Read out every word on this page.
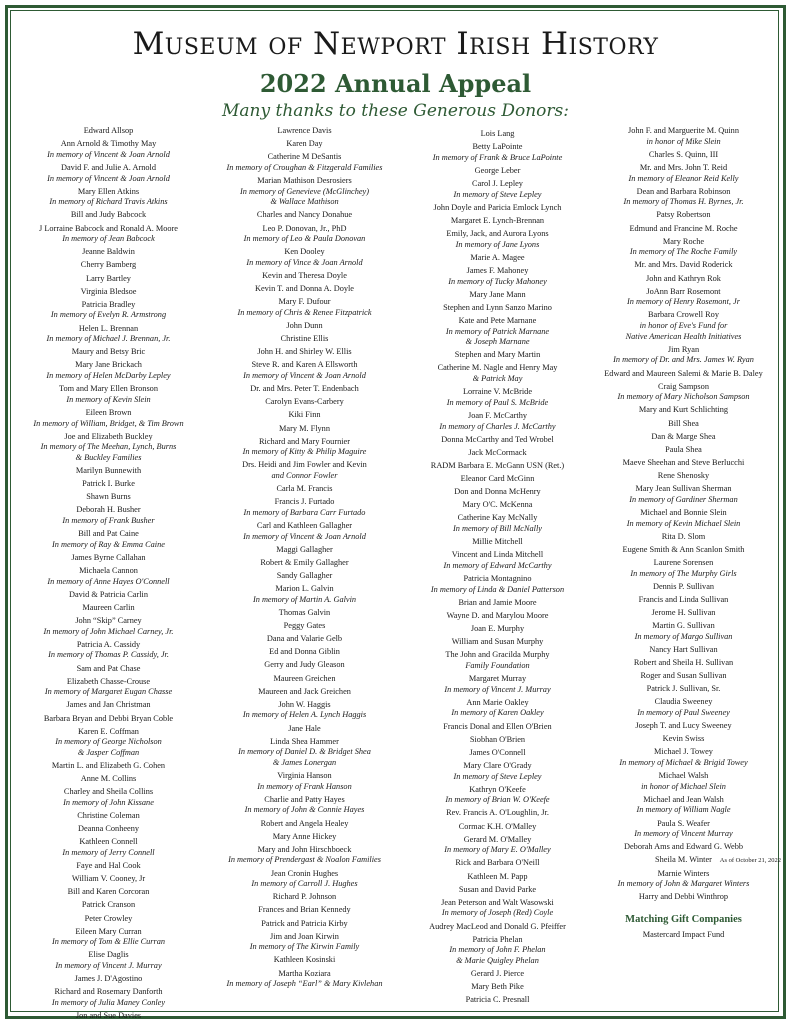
Museum of Newport Irish History
2022 Annual Appeal
Many thanks to these Generous Donors:
Edward Allsop
Ann Arnold & Timothy May
In memory of Vincent & Joan Arnold
David F. and Julie A. Arnold
In memory of Vincent & Joan Arnold
Mary Ellen Atkins
In memory of Richard Travis Atkins
Bill and Judy Babcock
J Lorraine Babcock and Ronald A. Moore
In memory of Jean Babcock
Jeanne Baldwin
Cherry Bamberg
Larry Bartley
Virginia Bledsoe
Patricia Bradley
In memory of Evelyn R. Armstrong
Helen L. Brennan
In memory of Michael J. Brennan, Jr.
Maury and Betsy Bric
Mary Jane Brickach
In memory of Helen McDarby Lepley
Tom and Mary Ellen Bronson
In memory of Kevin Slein
Eileen Brown
In memory of William, Bridget, & Tim Brown
Joe and Elizabeth Buckley
In memory of The Meehan, Lynch, Burns
& Buckley Families
Marilyn Bunnewith
Patrick I. Burke
Shawn Burns
Deborah H. Busher
In memory of Frank Busher
Bill and Pat Caine
In memory of Ray & Emma Caine
James Byrne Callahan
Michaela Cannon
In memory of Anne Hayes O'Connell
David & Patricia Carlin
Maureen Carlin
John “Skip” Carney
In memory of John Michael Carney, Jr.
Patricia A. Cassidy
In memory of Thomas P. Cassidy, Jr.
Sam and Pat Chase
Elizabeth Chasse-Crouse
In memory of Margaret Eugan Chasse
James and Jan Christman
Barbara Bryan and Debbi Bryan Coble
Karen E. Coffman
In memory of George Nicholson
& Jasper Coffman
Martin L. and Elizabeth G. Cohen
Anne M. Collins
Charley and Sheila Collins
In memory of John Kissane
Christine Coleman
Deanna Conheeny
Kathleen Connell
In memory of Jerry Connell
Faye and Hal Cook
William V. Cooney, Jr
Bill and Karen Corcoran
Patrick Cranson
Peter Crowley
Eileen Mary Curran
In memory of Tom & Ellie Curran
Elise Daglis
In memory of Vincent J. Murray
James J. D'Agostino
Richard and Rosemary Danforth
In memory of Julia Maney Conley
Jon and Sue Davies
Lawrence Davis
Karen Day
Catherine M DeSantis
In memory of Croughan & Fitzgerald Families
Marian Mathison Desrosiers
In memory of Genevieve (McGlinchey)
& Wallace Mathison
Charles and Nancy Donahue
Leo P. Donovan, Jr., PhD
In memory of Leo & Paula Donovan
Ken Dooley
In memory of Vince & Joan Arnold
Kevin and Theresa Doyle
Kevin T. and Donna A. Doyle
Mary F. Dufour
In memory of Chris & Renee Fitzpatrick
John Dunn
Christine Ellis
John H. and Shirley W. Ellis
Steve R. and Karen A Ellsworth
In memory of Vincent & Joan Arnold
Dr. and Mrs. Peter T. Endenbach
Carolyn Evans-Carbery
Kiki Finn
Mary M. Flynn
Richard and Mary Fournier
In memory of Kitty & Philip Maguire
Drs. Heidi and Jim Fowler and Kevin
and Connor Fowler
Carla M. Francis
Francis J. Furtado
In memory of Barbara Carr Furtado
Carl and Kathleen Gallagher
In memory of Vincent & Joan Arnold
Maggi Gallagher
Robert & Emily Gallagher
Sandy Gallagher
Marion L. Galvin
In memory of Martin A. Galvin
Thomas Galvin
Peggy Gates
Dana and Valarie Gelb
Ed and Donna Giblin
Gerry and Judy Gleason
Maureen Greichen
Maureen and Jack Greichen
John W. Haggis
In memory of Helen A. Lynch Haggis
Jane Hale
Linda Shea Hammer
In memory of Daniel D. & Bridget Shea
& James Lonergan
Virginia Hanson
In memory of Frank Hanson
Charlie and Patty Hayes
In memory of John & Connie Hayes
Robert and Angela Healey
Mary Anne Hickey
Mary and John Hirschboeck
In memory of Prendergast & Noalon Families
Jean Cronin Hughes
In memory of Carroll J. Hughes
Richard P. Johnson
Frances and Brian Kennedy
Patrick and Patricia Kirby
Jim and Joan Kirwin
In memory of The Kirwin Family
Kathleen Kosinski
Martha Koziara
In memory of Joseph “Earl” & Mary Kivlehan
Lois Lang
Betty LaPointe
In memory of Frank & Bruce LaPointe
George Leber
Carol J. Lepley
In memory of Steve Lepley
John Doyle and Paricia Emlock Lynch
Margaret E. Lynch-Brennan
Emily, Jack, and Aurora Lyons
In memory of Jane Lyons
Marie A. Magee
James F. Mahoney
In memory of Tucky Mahoney
Mary Jane Mann
Stephen and Lynn Sanzo Marino
Kate and Pete Marnane
In memory of Patrick Marnane
& Joseph Marnane
Stephen and Mary Martin
Catherine M. Nagle and Henry May
& Patrick May
Lorraine V. McBride
In memory of Paul S. McBride
Joan F. McCarthy
In memory of Charles J. McCarthy
Donna McCarthy and Ted Wrobel
Jack McCormack
RADM Barbara E. McGann USN (Ret.)
Eleanor Card McGinn
Don and Donna McHenry
Mary O'C. McKenna
Catherine Kay McNally
In memory of Bill McNally
Millie Mitchell
Vincent and Linda Mitchell
In memory of Edward McCarthy
Patricia Montagnino
In memory of Linda & Daniel Patterson
Brian and Jamie Moore
Wayne D. and Marylou Moore
Joan E. Murphy
William and Susan Murphy
The John and Gracilda Murphy
Family Foundation
Margaret Murray
In memory of Vincent J. Murray
Ann Marie Oakley
In memory of Karen Oakley
Francis Donal and Ellen O'Brien
Siobhan O'Brien
James O'Connell
Mary Clare O'Grady
In memory of Steve Lepley
Kathryn O'Keefe
In memory of Brian W. O'Keefe
Rev. Francis A. O'Loughlin, Jr.
Cormac K.H. O'Malley
Gerard M. O'Malley
In memory of Mary E. O'Malley
Rick and Barbara O'Neill
Kathleen M. Papp
Susan and David Parke
Jean Peterson and Walt Wasowski
In memory of Joseph (Red) Coyle
Audrey MacLeod and Donald G. Pfeiffer
Patricia Phelan
In memory of John F. Phelan
& Marie Quigley Phelan
Gerard J. Pierce
Mary Beth Pike
Patricia C. Presnall
John F. and Marguerite M. Quinn
in honor of Mike Slein
Charles S. Quinn, III
Mr. and Mrs. John T. Reid
In memory of Eleanor Reid Kelly
Dean and Barbara Robinson
In memory of Thomas H. Byrnes, Jr.
Patsy Robertson
Edmund and Francine M. Roche
Mary Roche
In memory of The Roche Family
Mr. and Mrs. David Roderick
John and Kathryn Rok
JoAnn Barr Rosemont
In memory of Henry Rosemont, Jr
Barbara Crowell Roy
in honor of Eve's Fund for
Native American Health Initiatives
Jim Ryan
In memory of Dr. and Mrs. James W. Ryan
Edward and Maureen Salemi & Marie B. Daley
Craig Sampson
In memory of Mary Nicholson Sampson
Mary and Kurt Schlichting
Bill Shea
Dan & Marge Shea
Paula Shea
Maeve Sheehan and Steve Berlucchi
Rene Shenosky
Mary Jean Sullivan Sherman
In memory of Gardiner Sherman
Michael and Bonnie Slein
In memory of Kevin Michael Slein
Rita D. Slom
Eugene Smith & Ann Scanlon Smith
Laurene Sorensen
In memory of The Murphy Girls
Dennis P. Sullivan
Francis and Linda Sullivan
Jerome H. Sullivan
Martin G. Sullivan
In memory of Margo Sullivan
Nancy Hart Sullivan
Robert and Sheila H. Sullivan
Roger and Susan Sullivan
Patrick J. Sullivan, Sr.
Claudia Sweeney
In memory of Paul Sweeney
Joseph T. and Lucy Sweeney
Kevin Swiss
Michael J. Towey
In memory of Michael & Brigid Towey
Michael Walsh
in honor of Michael Slein
Michael and Jean Walsh
In memory of William Nagle
Paula S. Weafer
In memory of Vincent Murray
Deborah Ams and Edward G. Webb
Sheila M. Winter
Marnie Winters
In memory of John & Margaret Winters
Harry and Debbi Winthrop
Matching Gift Companies
Mastercard Impact Fund
As of October 21, 2022
